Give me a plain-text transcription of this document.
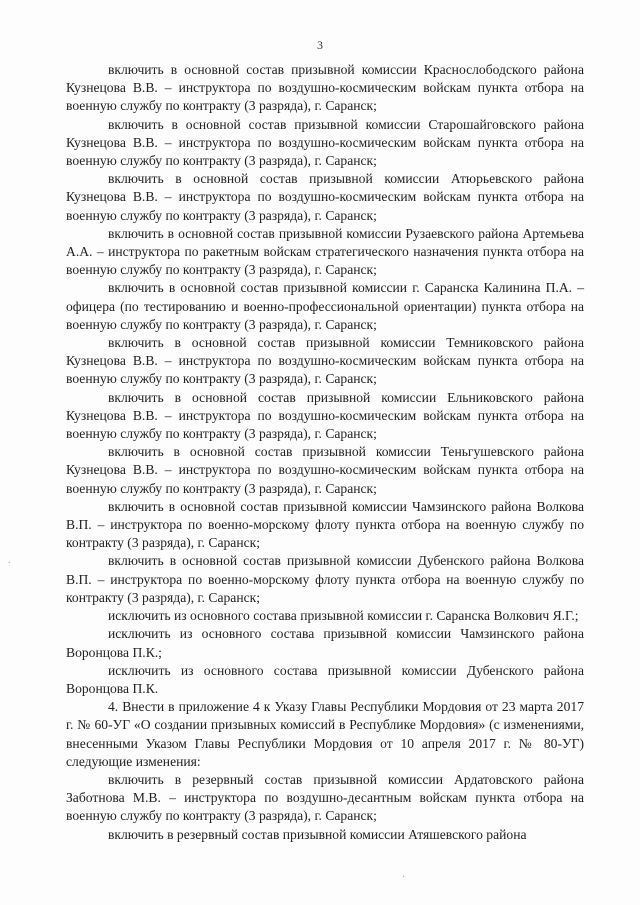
3

включить в основной состав призывной комиссии Краснослободского района Кузнецова В.В. – инструктора по воздушно-космическим войскам пункта отбора на военную службу по контракту (3 разряда), г. Саранск;

включить в основной состав призывной комиссии Старошайговского района Кузнецова В.В. – инструктора по воздушно-космическим войскам пункта отбора на военную службу по контракту (3 разряда), г. Саранск;

включить в основной состав призывной комиссии Атюрьевского района Кузнецова В.В. – инструктора по воздушно-космическим войскам пункта отбора на военную службу по контракту (3 разряда), г. Саранск;

включить в основной состав призывной комиссии Рузаевского района Артемьева А.А. – инструктора по ракетным войскам стратегического назначения пункта отбора на военную службу по контракту (3 разряда), г. Саранск;

включить в основной состав призывной комиссии г. Саранска Калинина П.А. – офицера (по тестированию и военно-профессиональной ориентации) пункта отбора на военную службу по контракту (3 разряда), г. Саранск;

включить в основной состав призывной комиссии Темниковского района Кузнецова В.В. – инструктора по воздушно-космическим войскам пункта отбора на военную службу по контракту (3 разряда), г. Саранск;

включить в основной состав призывной комиссии Ельниковского района Кузнецова В.В. – инструктора по воздушно-космическим войскам пункта отбора на военную службу по контракту (3 разряда), г. Саранск;

включить в основной состав призывной комиссии Теньгушевского района Кузнецова В.В. – инструктора по воздушно-космическим войскам пункта отбора на военную службу по контракту (3 разряда), г. Саранск;

включить в основной состав призывной комиссии Чамзинского района Волкова В.П. – инструктора по военно-морскому флоту пункта отбора на военную службу по контракту (3 разряда), г. Саранск;

включить в основной состав призывной комиссии Дубенского района Волкова В.П. – инструктора по военно-морскому флоту пункта отбора на военную службу по контракту (3 разряда), г. Саранск;

исключить из основного состава призывной комиссии г. Саранска Волкович Я.Г.;

исключить из основного состава призывной комиссии Чамзинского района Воронцова П.К.;

исключить из основного состава призывной комиссии Дубенского района Воронцова П.К.

4. Внести в приложение 4 к Указу Главы Республики Мордовия от 23 марта 2017 г. № 60-УГ «О создании призывных комиссий в Республике Мордовия» (с изменениями, внесенными Указом Главы Республики Мордовия от 10 апреля 2017 г. № 80-УГ) следующие изменения:

включить в резервный состав призывной комиссии Ардатовского района Заботнова М.В. – инструктора по воздушно-десантным войскам пункта отбора на военную службу по контракту (3 разряда), г. Саранск;

включить в резервный состав призывной комиссии Атяшевского района

.
·
